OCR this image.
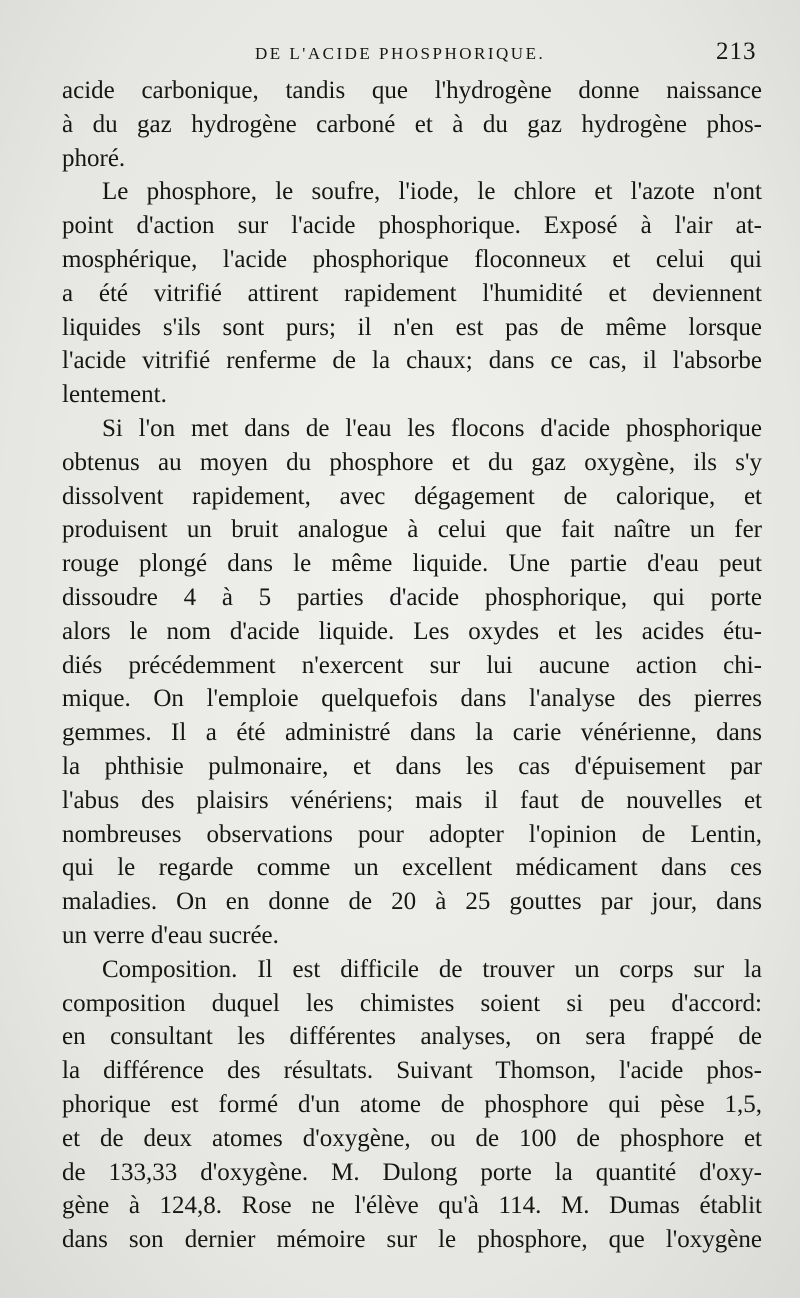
DE L'ACIDE PHOSPHORIQUE.	213
acide carbonique, tandis que l'hydrogène donne naissance
à du gaz hydrogène carboné et à du gaz hydrogène phos-
phoré.
Le phosphore, le soufre, l'iode, le chlore et l'azote n'ont
point d'action sur l'acide phosphorique. Exposé à l'air at-
mosphérique, l'acide phosphorique floconneux et celui qui
a été vitrifié attirent rapidement l'humidité et deviennent
liquides s'ils sont purs; il n'en est pas de même lorsque
l'acide vitrifié renferme de la chaux; dans ce cas, il l'absorbe
lentement.
Si l'on met dans de l'eau les flocons d'acide phosphorique
obtenus au moyen du phosphore et du gaz oxygène, ils s'y
dissolvent rapidement, avec dégagement de calorique, et
produisent un bruit analogue à celui que fait naître un fer
rouge plongé dans le même liquide. Une partie d'eau peut
dissoudre 4 à 5 parties d'acide phosphorique, qui porte
alors le nom d'acide liquide. Les oxydes et les acides étu-
diés précédemment n'exercent sur lui aucune action chi-
mique. On l'emploie quelquefois dans l'analyse des pierres
gemmes. Il a été administré dans la carie vénérienne, dans
la phthisie pulmonaire, et dans les cas d'épuisement par
l'abus des plaisirs vénériens; mais il faut de nouvelles et
nombreuses observations pour adopter l'opinion de Lentin,
qui le regarde comme un excellent médicament dans ces
maladies. On en donne de 20 à 25 gouttes par jour, dans
un verre d'eau sucrée.
Composition. Il est difficile de trouver un corps sur la
composition duquel les chimistes soient si peu d'accord:
en consultant les différentes analyses, on sera frappé de
la différence des résultats. Suivant Thomson, l'acide phos-
phorique est formé d'un atome de phosphore qui pèse 1,5,
et de deux atomes d'oxygène, ou de 100 de phosphore et
de 133,33 d'oxygène. M. Dulong porte la quantité d'oxy-
gène à 124,8. Rose ne l'élève qu'à 114. M. Dumas établit
dans son dernier mémoire sur le phosphore, que l'oxygène
